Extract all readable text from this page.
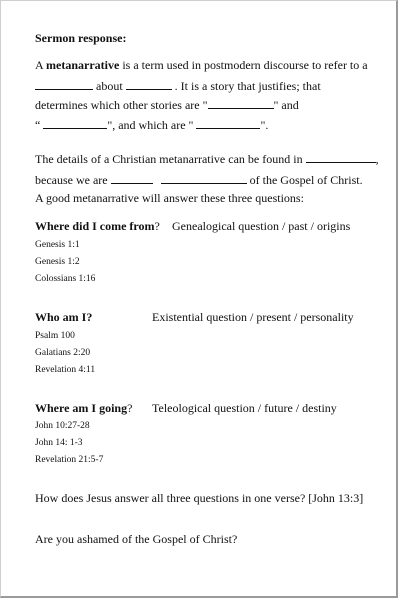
Sermon response:
A metanarrative is a term used in postmodern discourse to refer to a
about	. It is a story that justifies; that
determines which other stories are "	" and
“	", and which are "	".
The details of a Christian metanarrative can be found in	,
because we are	of the Gospel of Christ.
A good metanarrative will answer these three questions:
Where did I come from? Genealogical question / past / origins
Genesis 1:1
Genesis 1:2
Colossians 1:16
Who am I?	Existential question / present / personality
Psalm 100
Galatians 2:20
Revelation 4:11
Where am I going? Teleological question / future / destiny
John 10:27-28
John 14: 1-3
Revelation 21:5-7
How does Jesus answer all three questions in one verse? [John 13:3]
Are you ashamed of the Gospel of Christ?
